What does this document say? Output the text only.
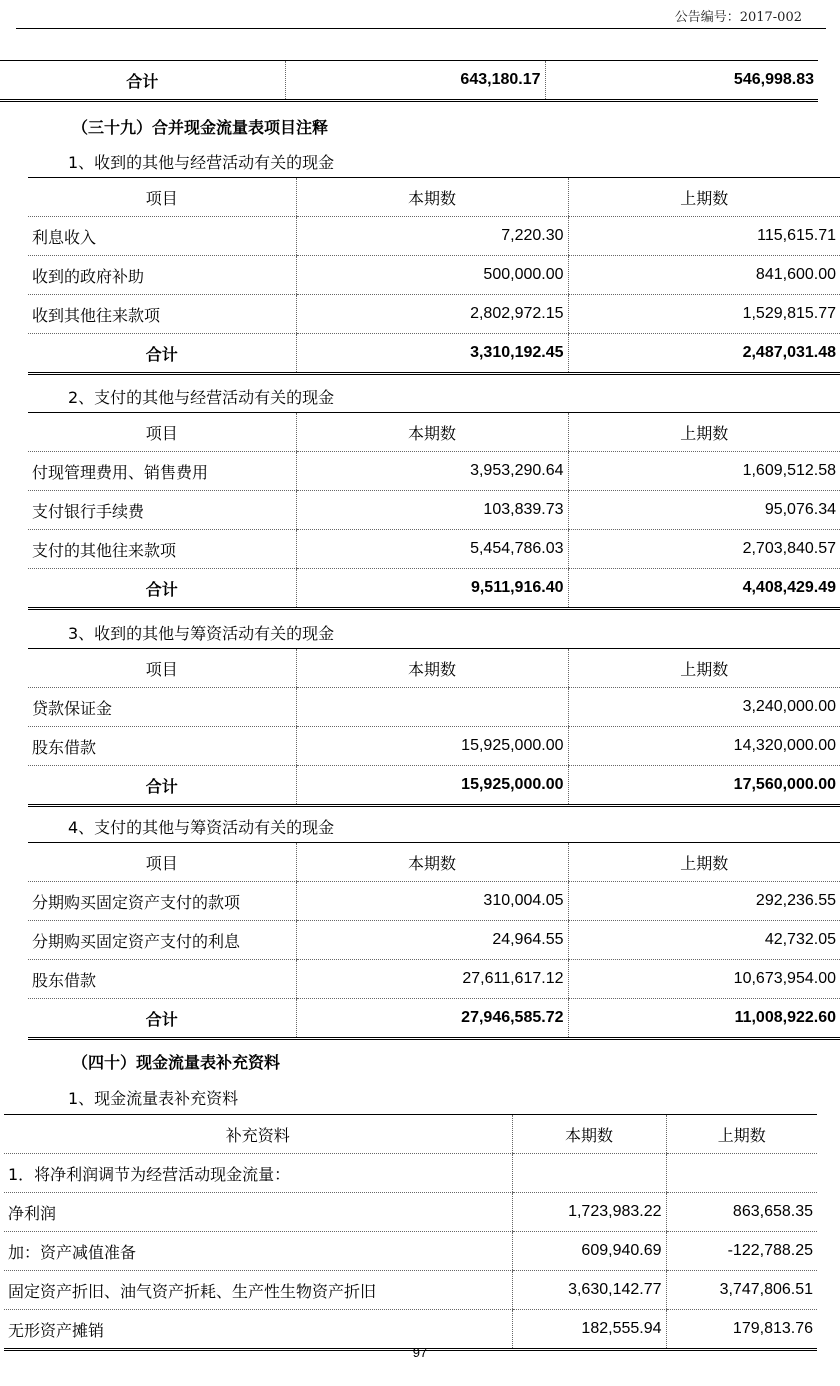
公告编号：2017-002
合计	643,180.17	546,998.83
（三十九）合并现金流量表项目注释
1、收到的其他与经营活动有关的现金
项目	本期数	上期数
利息收入	7,220.30	115,615.71
收到的政府补助	500,000.00	841,600.00
收到其他往来款项	2,802,972.15	1,529,815.77
合计	3,310,192.45	2,487,031.48
2、支付的其他与经营活动有关的现金
项目	本期数	上期数
付现管理费用、销售费用	3,953,290.64	1,609,512.58
支付银行手续费	103,839.73	95,076.34
支付的其他往来款项	5,454,786.03	2,703,840.57
合计	9,511,916.40	4,408,429.49
3、收到的其他与筹资活动有关的现金
项目	本期数	上期数
贷款保证金		3,240,000.00
股东借款	15,925,000.00	14,320,000.00
合计	15,925,000.00	17,560,000.00
4、支付的其他与筹资活动有关的现金
项目	本期数	上期数
分期购买固定资产支付的款项	310,004.05	292,236.55
分期购买固定资产支付的利息	24,964.55	42,732.05
股东借款	27,611,617.12	10,673,954.00
合计	27,946,585.72	11,008,922.60
（四十）现金流量表补充资料
1、现金流量表补充资料
补充资料	本期数	上期数
1．将净利润调节为经营活动现金流量：		
净利润	1,723,983.22	863,658.35
加：资产减值准备	609,940.69	-122,788.25
固定资产折旧、油气资产折耗、生产性生物资产折旧	3,630,142.77	3,747,806.51
无形资产摊销	182,555.94	179,813.76
97
